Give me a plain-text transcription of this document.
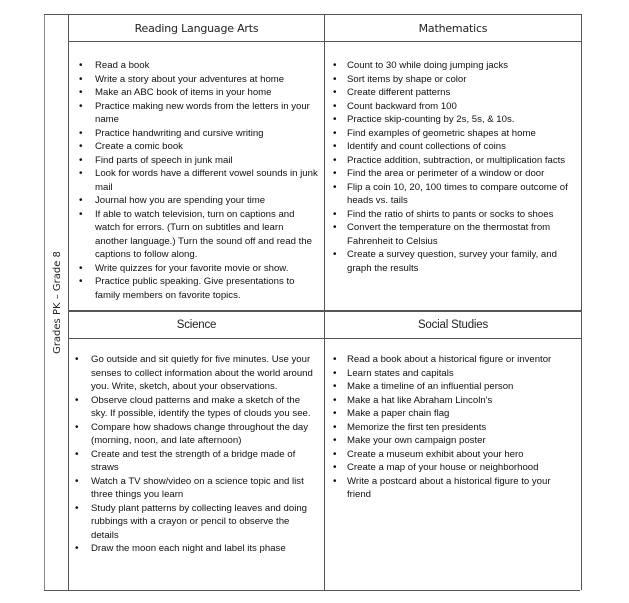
Grades PK – Grade 8
Reading Language Arts
• Read a book
• Write a story about your adventures at home
• Make an ABC book of items in your home
• Practice making new words from the letters in your name
• Practice handwriting and cursive writing
• Create a comic book
• Find parts of speech in junk mail
• Look for words have a different vowel sounds in junk mail
• Journal how you are spending your time
• If able to watch television, turn on captions and watch for errors. (Turn on subtitles and learn another language.) Turn the sound off and read the captions to follow along.
• Write quizzes for your favorite movie or show.
• Practice public speaking. Give presentations to family members on favorite topics.
Mathematics
• Count to 30 while doing jumping jacks
• Sort items by shape or color
• Create different patterns
• Count backward from 100
• Practice skip-counting by 2s, 5s, & 10s.
• Find examples of geometric shapes at home
• Identify and count collections of coins
• Practice addition, subtraction, or multiplication facts
• Find the area or perimeter of a window or door
• Flip a coin 10, 20, 100 times to compare outcome of heads vs. tails
• Find the ratio of shirts to pants or socks to shoes
• Convert the temperature on the thermostat from Fahrenheit to Celsius
• Create a survey question, survey your family, and graph the results
Science
• Go outside and sit quietly for five minutes. Use your senses to collect information about the world around you. Write, sketch, about your observations.
• Observe cloud patterns and make a sketch of the sky. If possible, identify the types of clouds you see.
• Compare how shadows change throughout the day (morning, noon, and late afternoon)
• Create and test the strength of a bridge made of straws
• Watch a TV show/video on a science topic and list three things you learn
• Study plant patterns by collecting leaves and doing rubbings with a crayon or pencil to observe the details
• Draw the moon each night and label its phase
Social Studies
• Read a book about a historical figure or inventor
• Learn states and capitals
• Make a timeline of an influential person
• Make a hat like Abraham Lincoln's
• Make a paper chain flag
• Memorize the first ten presidents
• Make your own campaign poster
• Create a museum exhibit about your hero
• Create a map of your house or neighborhood
• Write a postcard about a historical figure to your friend
